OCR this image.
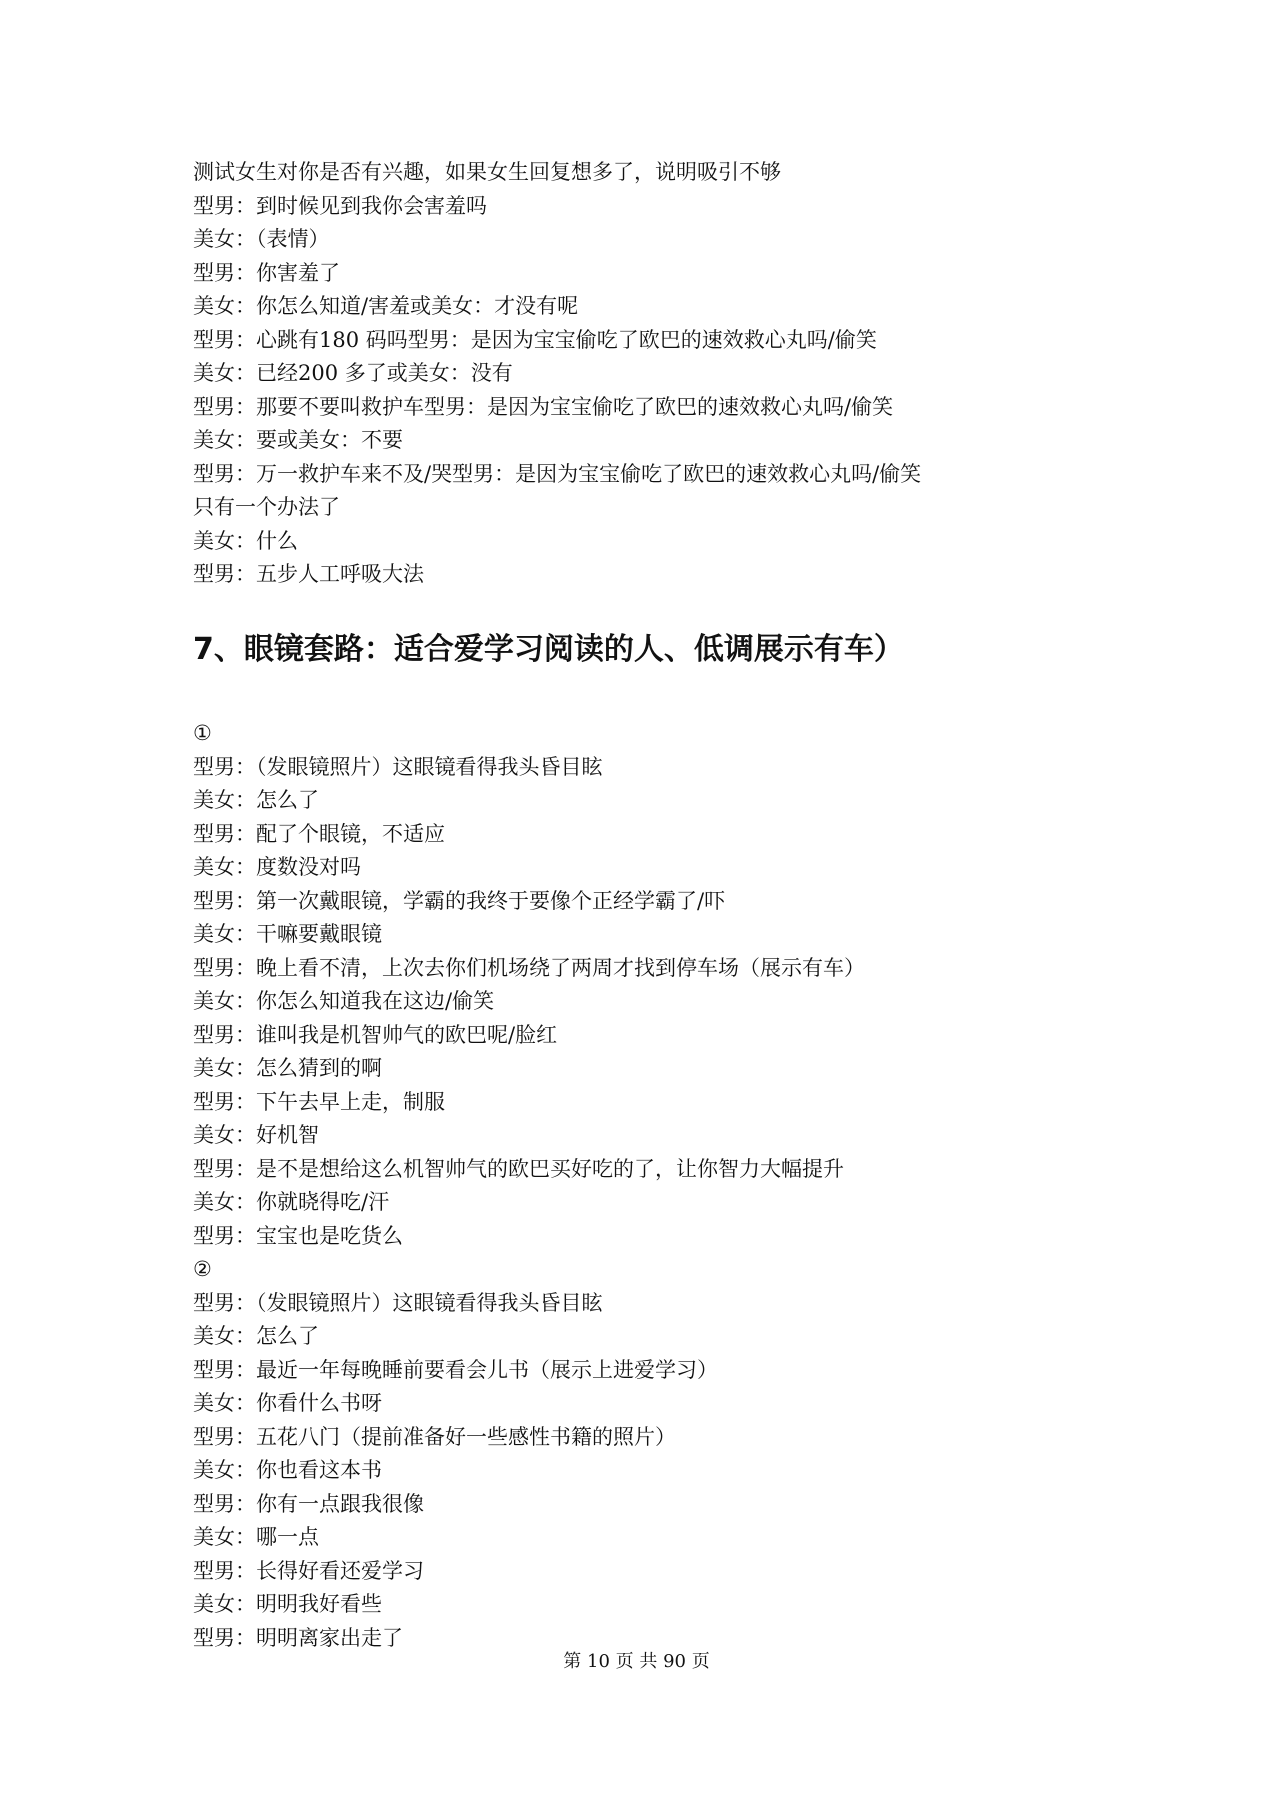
测试女生对你是否有兴趣，如果女生回复想多了，说明吸引不够
型男：到时候见到我你会害羞吗
美女：（表情）
型男：你害羞了
美女：你怎么知道/害羞或美女：才没有呢
型男：心跳有180 码吗型男：是因为宝宝偷吃了欧巴的速效救心丸吗/偷笑
美女：已经200 多了或美女：没有
型男：那要不要叫救护车型男：是因为宝宝偷吃了欧巴的速效救心丸吗/偷笑
美女：要或美女：不要
型男：万一救护车来不及/哭型男：是因为宝宝偷吃了欧巴的速效救心丸吗/偷笑
只有一个办法了
美女：什么
型男：五步人工呼吸大法
7、眼镜套路：适合爱学习阅读的人、低调展示有车）
①
型男：（发眼镜照片）这眼镜看得我头昏目眩
美女：怎么了
型男：配了个眼镜，不适应
美女：度数没对吗
型男：第一次戴眼镜，学霸的我终于要像个正经学霸了/吓
美女：干嘛要戴眼镜
型男：晚上看不清，上次去你们机场绕了两周才找到停车场（展示有车）
美女：你怎么知道我在这边/偷笑
型男：谁叫我是机智帅气的欧巴呢/脸红
美女：怎么猜到的啊
型男：下午去早上走，制服
美女：好机智
型男：是不是想给这么机智帅气的欧巴买好吃的了，让你智力大幅提升
美女：你就晓得吃/汗
型男：宝宝也是吃货么
②
型男：（发眼镜照片）这眼镜看得我头昏目眩
美女：怎么了
型男：最近一年每晚睡前要看会儿书（展示上进爱学习）
美女：你看什么书呀
型男：五花八门（提前准备好一些感性书籍的照片）
美女：你也看这本书
型男：你有一点跟我很像
美女：哪一点
型男：长得好看还爱学习
美女：明明我好看些
型男：明明离家出走了
第 10 页 共 90 页
